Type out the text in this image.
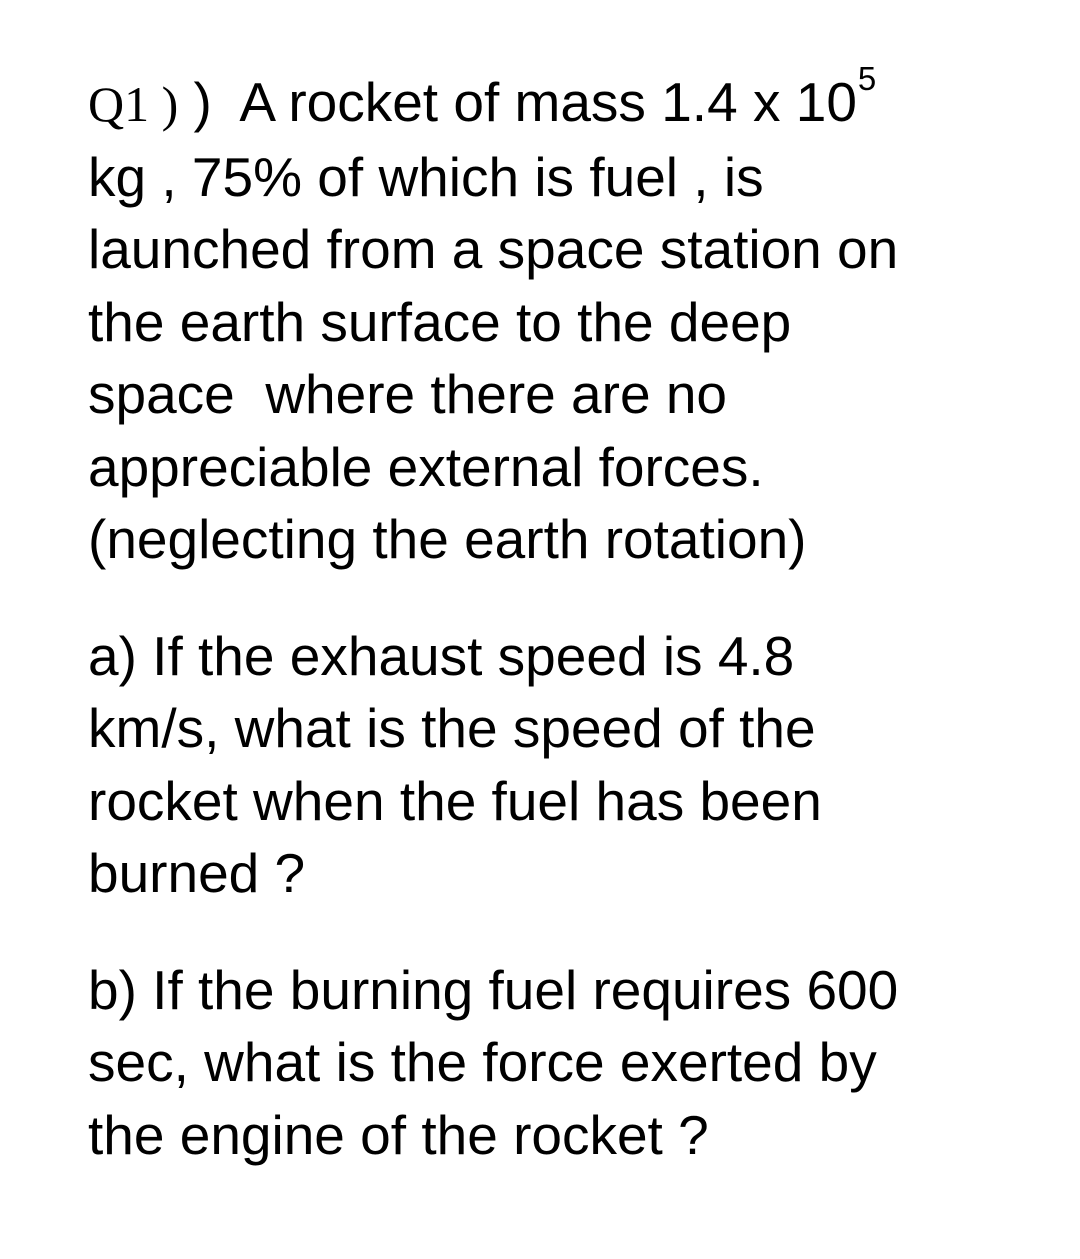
Q1 ) )  A rocket of mass 1.4 x $10^5$
kg , 75% of which is fuel , is
launched from a space station on
the earth surface to the deep
space  where there are no
appreciable external forces.
(neglecting the earth rotation)
a) If the exhaust speed is 4.8
km/s, what is the speed of the
rocket when the fuel has been
burned ?
b) If the burning fuel requires 600
sec, what is the force exerted by
the engine of the rocket ?
